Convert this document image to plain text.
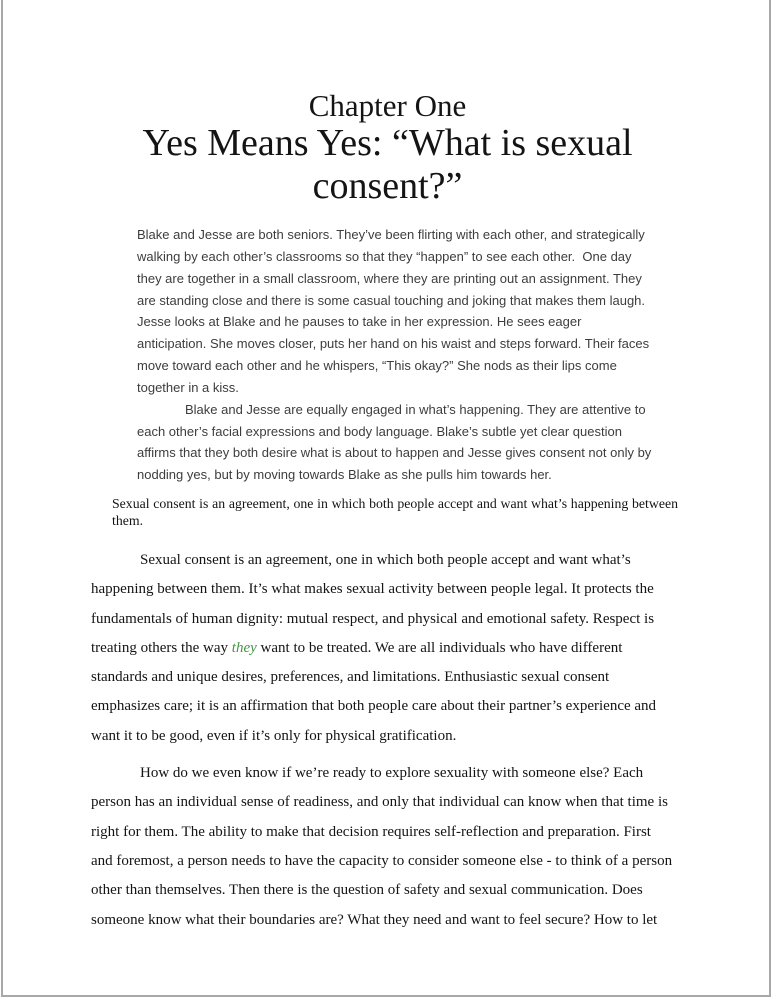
Chapter One
Yes Means Yes: “What is sexual
consent?”
Blake and Jesse are both seniors. They’ve been flirting with each other, and strategically
walking by each other’s classrooms so that they “happen” to see each other.  One day
they are together in a small classroom, where they are printing out an assignment. They
are standing close and there is some casual touching and joking that makes them laugh.
Jesse looks at Blake and he pauses to take in her expression. He sees eager
anticipation. She moves closer, puts her hand on his waist and steps forward. Their faces
move toward each other and he whispers, “This okay?” She nods as their lips come
together in a kiss.
Blake and Jesse are equally engaged in what’s happening. They are attentive to
each other’s facial expressions and body language. Blake’s subtle yet clear question
affirms that they both desire what is about to happen and Jesse gives consent not only by
nodding yes, but by moving towards Blake as she pulls him towards her.

Sexual consent is an agreement, one in which both people accept and want what’s happening between them.

Sexual consent is an agreement, one in which both people accept and want what’s
happening between them. It’s what makes sexual activity between people legal. It protects the
fundamentals of human dignity: mutual respect, and physical and emotional safety. Respect is
treating others the way they want to be treated. We are all individuals who have different
standards and unique desires, preferences, and limitations. Enthusiastic sexual consent
emphasizes care; it is an affirmation that both people care about their partner’s experience and
want it to be good, even if it’s only for physical gratification.
How do we even know if we’re ready to explore sexuality with someone else? Each
person has an individual sense of readiness, and only that individual can know when that time is
right for them. The ability to make that decision requires self-reflection and preparation. First
and foremost, a person needs to have the capacity to consider someone else - to think of a person
other than themselves. Then there is the question of safety and sexual communication. Does
someone know what their boundaries are? What they need and want to feel secure? How to let
